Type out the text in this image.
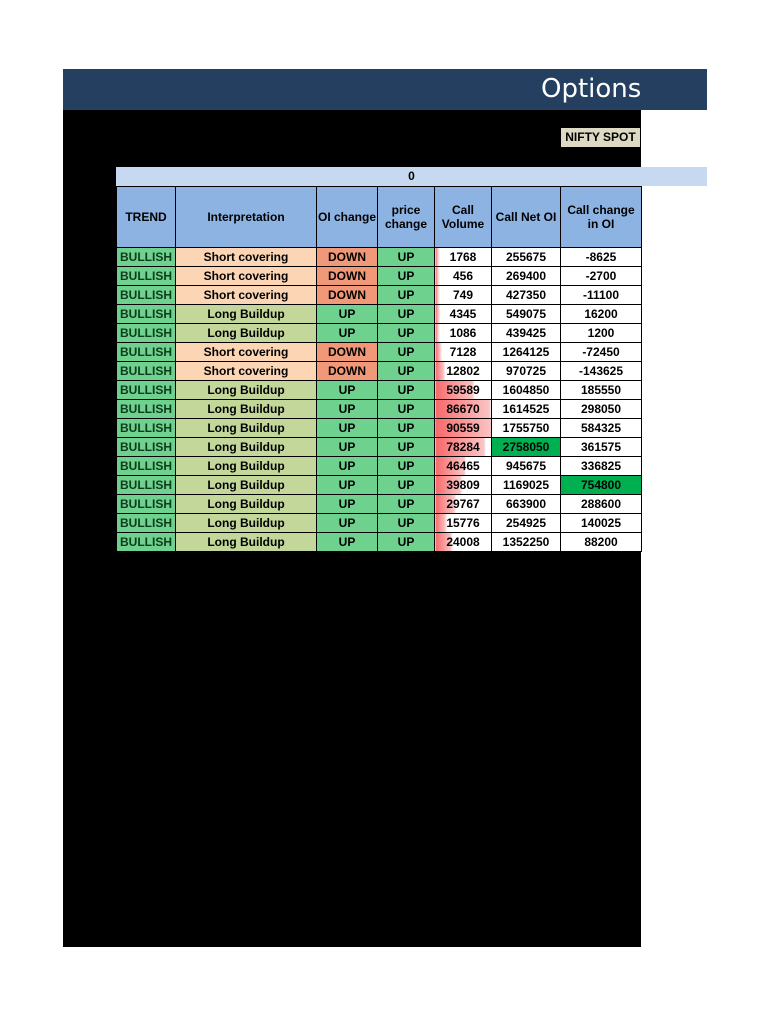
Options
NIFTY SPOT
0
TREND	Interpretation	OI change	price change	Call Volume	Call Net OI	Call change in OI
BULLISH	Short covering	DOWN	UP	1768	255675	-8625
BULLISH	Short covering	DOWN	UP	456	269400	-2700
BULLISH	Short covering	DOWN	UP	749	427350	-11100
BULLISH	Long Buildup	UP	UP	4345	549075	16200
BULLISH	Long Buildup	UP	UP	1086	439425	1200
BULLISH	Short covering	DOWN	UP	7128	1264125	-72450
BULLISH	Short covering	DOWN	UP	12802	970725	-143625
BULLISH	Long Buildup	UP	UP	59589	1604850	185550
BULLISH	Long Buildup	UP	UP	86670	1614525	298050
BULLISH	Long Buildup	UP	UP	90559	1755750	584325
BULLISH	Long Buildup	UP	UP	78284	2758050	361575
BULLISH	Long Buildup	UP	UP	46465	945675	336825
BULLISH	Long Buildup	UP	UP	39809	1169025	754800
BULLISH	Long Buildup	UP	UP	29767	663900	288600
BULLISH	Long Buildup	UP	UP	15776	254925	140025
BULLISH	Long Buildup	UP	UP	24008	1352250	88200
